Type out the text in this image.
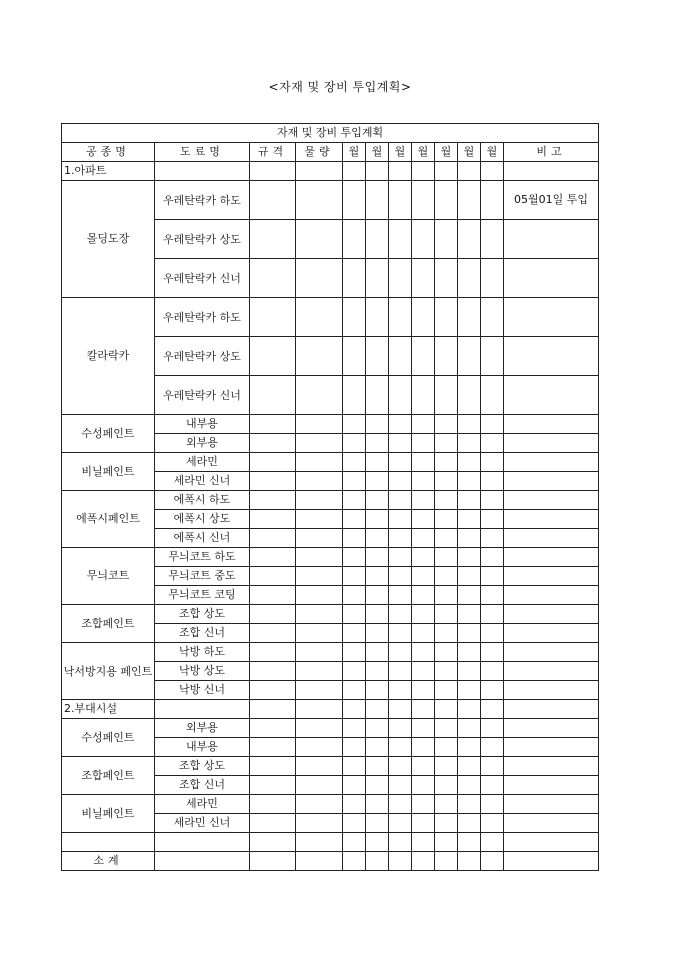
<자재 및 장비 투입계획>
자재 및 장비 투입계획											
공종명	도료명	규격	물량	월	월	월	월	월	월	월	비고
1.아파트											
몰딩도장	우레탄락카 하도										05월01일 투입
	우레탄락카 상도										
	우레탄락카 신너										
칼라락카	우레탄락카 하도										
	우레탄락카 상도										
	우레탄락카 신너										
수성페인트	내부용										
	외부용										
비닐페인트	세라민										
	세라민 신너										
에폭시페인트	에폭시 하도										
	에폭시 상도										
	에폭시 신너										
무늬코트	무늬코트 하도										
	무늬코트 중도										
	무늬코트 코팅										
조합페인트	조합 상도										
	조합 신너										
낙서방지용 페인트	낙방 하도										
	낙방 상도										
	낙방 신너										
2.부대시설											
수성페인트	외부용										
	내부용										
조합페인트	조합 상도										
	조합 신너										
비닐페인트	세라민										
	세라민 신너										

소계											
